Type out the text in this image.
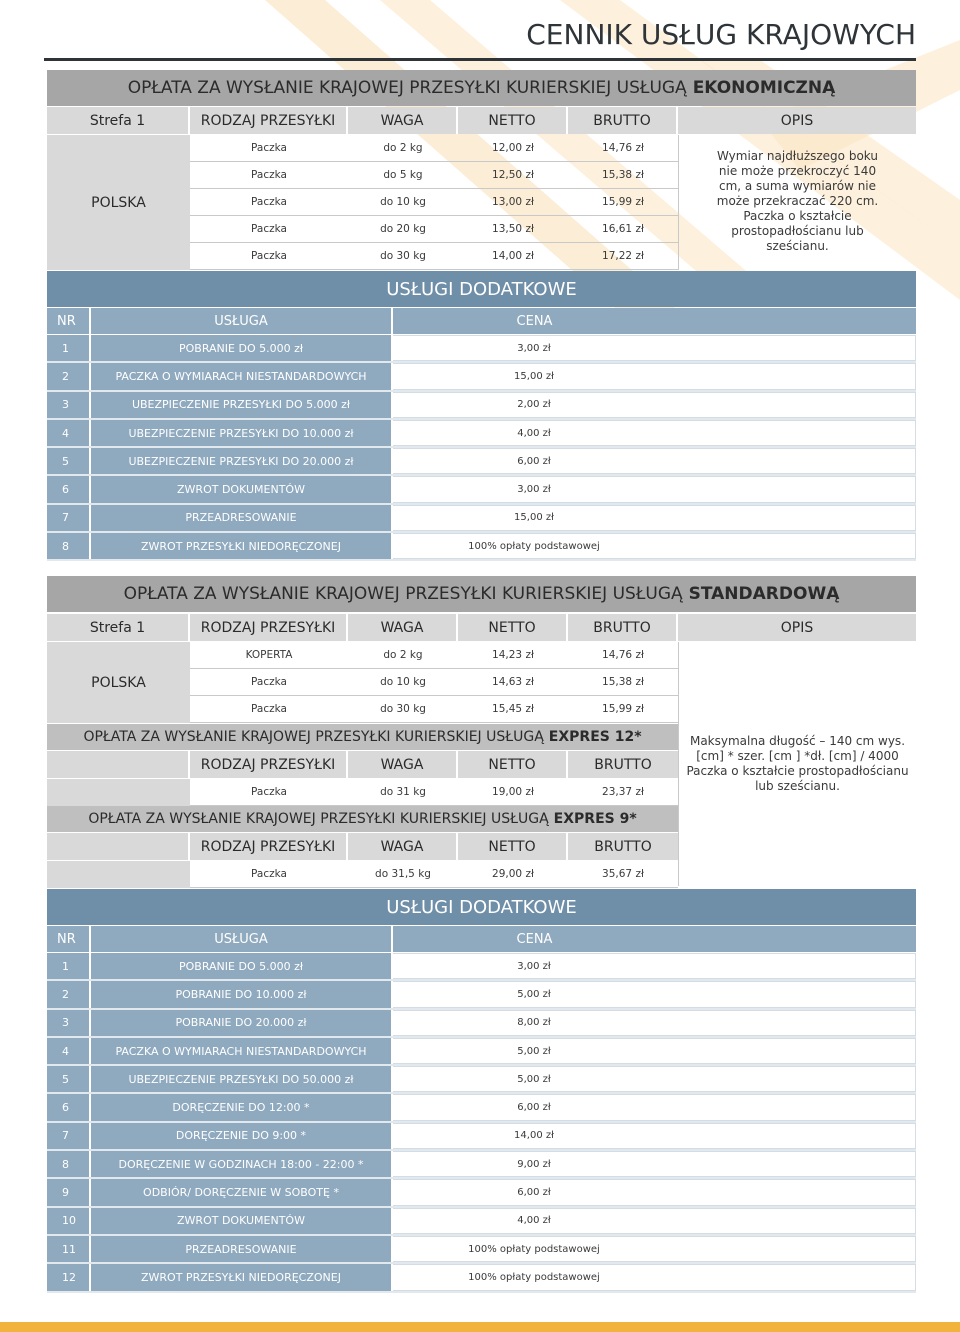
CENNIK USŁUG KRAJOWYCH
OPŁATA ZA WYSŁANIE KRAJOWEJ PRZESYŁKI KURIERSKIEJ USŁUGĄ EKONOMICZNĄ
Strefa 1	RODZAJ PRZESYŁKI	WAGA	NETTO	BRUTTO	OPIS
POLSKA
Paczka	do 2 kg	12,00 zł	14,76 zł
Paczka	do 5 kg	12,50 zł	15,38 zł
Paczka	do 10 kg	13,00 zł	15,99 zł
Paczka	do 20 kg	13,50 zł	16,61 zł
Paczka	do 30 kg	14,00 zł	17,22 zł
Wymiar najdłuższego boku nie może przekroczyć 140 cm, a suma wymiarów nie może przekraczać 220 cm. Paczka o kształcie prostopadłościanu lub sześcianu.
USŁUGI DODATKOWE
NR	USŁUGA	CENA
1	POBRANIE DO 5.000 zł	3,00 zł
2	PACZKA O WYMIARACH NIESTANDARDOWYCH	15,00 zł
3	UBEZPIECZENIE PRZESYŁKI DO 5.000 zł	2,00 zł
4	UBEZPIECZENIE PRZESYŁKI DO 10.000 zł	4,00 zł
5	UBEZPIECZENIE PRZESYŁKI DO 20.000 zł	6,00 zł
6	ZWROT DOKUMENTÓW	3,00 zł
7	PRZEADRESOWANIE	15,00 zł
8	ZWROT PRZESYŁKI NIEDORĘCZONEJ	100% opłaty podstawowej
OPŁATA ZA WYSŁANIE KRAJOWEJ PRZESYŁKI KURIERSKIEJ USŁUGĄ STANDARDOWĄ
Strefa 1	RODZAJ PRZESYŁKI	WAGA	NETTO	BRUTTO	OPIS
POLSKA
KOPERTA	do 2 kg	14,23 zł	14,76 zł
Paczka	do 10 kg	14,63 zł	15,38 zł
Paczka	do 30 kg	15,45 zł	15,99 zł
Maksymalna długość – 140 cm wys. [cm] * szer. [cm ] *dł. [cm] / 4000 Paczka o kształcie prostopadłościanu lub sześcianu.
OPŁATA ZA WYSŁANIE KRAJOWEJ PRZESYŁKI KURIERSKIEJ USŁUGĄ EXPRES 12*
RODZAJ PRZESYŁKI	WAGA	NETTO	BRUTTO
Paczka	do 31 kg	19,00 zł	23,37 zł
OPŁATA ZA WYSŁANIE KRAJOWEJ PRZESYŁKI KURIERSKIEJ USŁUGĄ EXPRES 9*
RODZAJ PRZESYŁKI	WAGA	NETTO	BRUTTO
Paczka	do 31,5 kg	29,00 zł	35,67 zł
USŁUGI DODATKOWE
NR	USŁUGA	CENA
1	POBRANIE DO 5.000 zł	3,00 zł
2	POBRANIE DO 10.000 zł	5,00 zł
3	POBRANIE DO 20.000 zł	8,00 zł
4	PACZKA O WYMIARACH NIESTANDARDOWYCH	5,00 zł
5	UBEZPIECZENIE PRZESYŁKI DO 50.000 zł	5,00 zł
6	DORĘCZENIE DO 12:00 *	6,00 zł
7	DORĘCZENIE DO 9:00 *	14,00 zł
8	DORĘCZENIE W GODZINACH 18:00 - 22:00 *	9,00 zł
9	ODBIÓR/ DORĘCZENIE W SOBOTĘ *	6,00 zł
10	ZWROT DOKUMENTÓW	4,00 zł
11	PRZEADRESOWANIE	100% opłaty podstawowej
12	ZWROT PRZESYŁKI NIEDORĘCZONEJ	100% opłaty podstawowej
